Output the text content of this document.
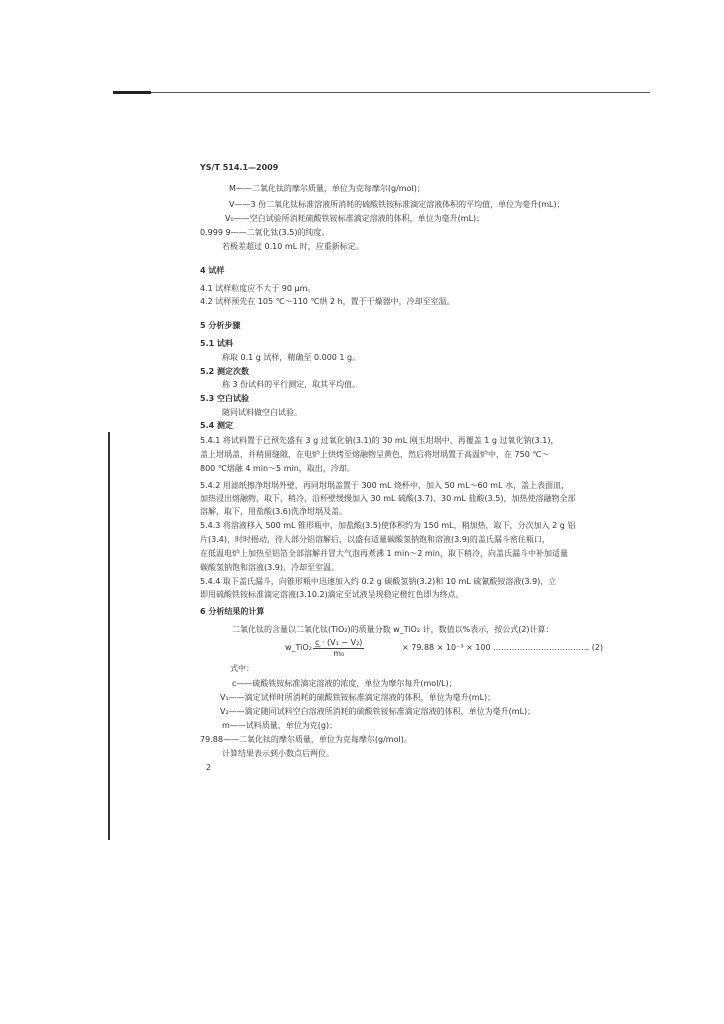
YS/T 514.1—2009
M——二氧化钛的摩尔质量，单位为克每摩尔(g/mol)；
V——3 份二氧化钛标准溶液所消耗的硫酸铁铵标准滴定溶液体积的平均值，单位为毫升(mL)；
V₀——空白试验所消耗硫酸铁铵标准滴定溶液的体积，单位为毫升(mL)；
0.999 9——二氧化钛(3.5)的纯度。
若极差超过 0.10 mL 时，应重新标定。
4 试样
4.1 试样粒度应不大于 90 μm。
4.2 试样预先在 105 ℃～110 ℃烘 2 h，置于干燥器中，冷却至室温。
5 分析步骤
5.1 试料
称取 0.1 g 试样，精确至 0.000 1 g。
5.2 测定次数
称 3 份试料的平行测定，取其平均值。
5.3 空白试验
随同试料做空白试验。
5.4 测定
5.4.1 将试料置于已预先盛有 3 g 过氧化钠(3.1)的 30 mL 刚玉坩埚中，再覆盖 1 g 过氧化钠(3.1)，
盖上坩埚盖，并稍留缝隙，在电炉上烘烤至熔融物呈黄色，然后将坩埚置于高温炉中，在 750 ℃～
800 ℃熔融 4 min～5 min，取出，冷却。
5.4.2 用滤纸擦净坩埚外壁，再同坩埚盖置于 300 mL 烧杯中，加入 50 mL～60 mL 水，盖上表面皿，
加热浸出熔融物，取下，稍冷，沿杯壁缓慢加入 30 mL 硫酸(3.7)、30 mL 盐酸(3.5)，加热使溶融物全部
溶解，取下，用盐酸(3.6)洗净坩埚及盖。
5.4.3 将溶液移入 500 mL 锥形瓶中，加盐酸(3.5)使体积约为 150 mL，稍加热，取下，分次加入 2 g 铝
片(3.4)，时时摇动，待人部分铝溶解后，以盛有适量碳酸氢钠饱和溶液(3.9)的盖氏漏斗密住瓶口，
在低温电炉上加热至铝箔全部溶解并冒大气泡再煮沸 1 min～2 min，取下稍冷，向盖氏漏斗中补加适量
碳酸氢钠饱和溶液(3.9)，冷却至室温。
5.4.4 取下盖氏漏斗，向锥形瓶中迅速加入约 0.2 g 碳酸氢钠(3.2)和 10 mL 硫氰酸铵溶液(3.9)，立
即用硫酸铁铵标准滴定溶液(3.10.2)滴定至试液呈现稳定橙红色即为终点。
6 分析结果的计算
二氧化钛的含量以二氧化钛(TiO₂)的质量分数 w_TiO₂ 计，数值以%表示，按公式(2)计算：
w_TiO₂ =	× 79.88 × 10⁻³ × 100 ……………………………… (2)
式中：
c——硫酸铁铵标准滴定溶液的浓度，单位为摩尔每升(mol/L)；
V₁——滴定试样时所消耗的硫酸铁铵标准滴定溶液的体积，单位为毫升(mL)；
V₂——滴定随同试料空白溶液所消耗的硫酸铁铵标准滴定溶液的体积，单位为毫升(mL)；
m——试料质量，单位为克(g)；
79.88——二氧化钛的摩尔质量，单位为克每摩尔(g/mol)。
计算结果表示到小数点后两位。
2
$\frac{\text{c · (V₁ − V₂)}}{\text{m₀}}$
